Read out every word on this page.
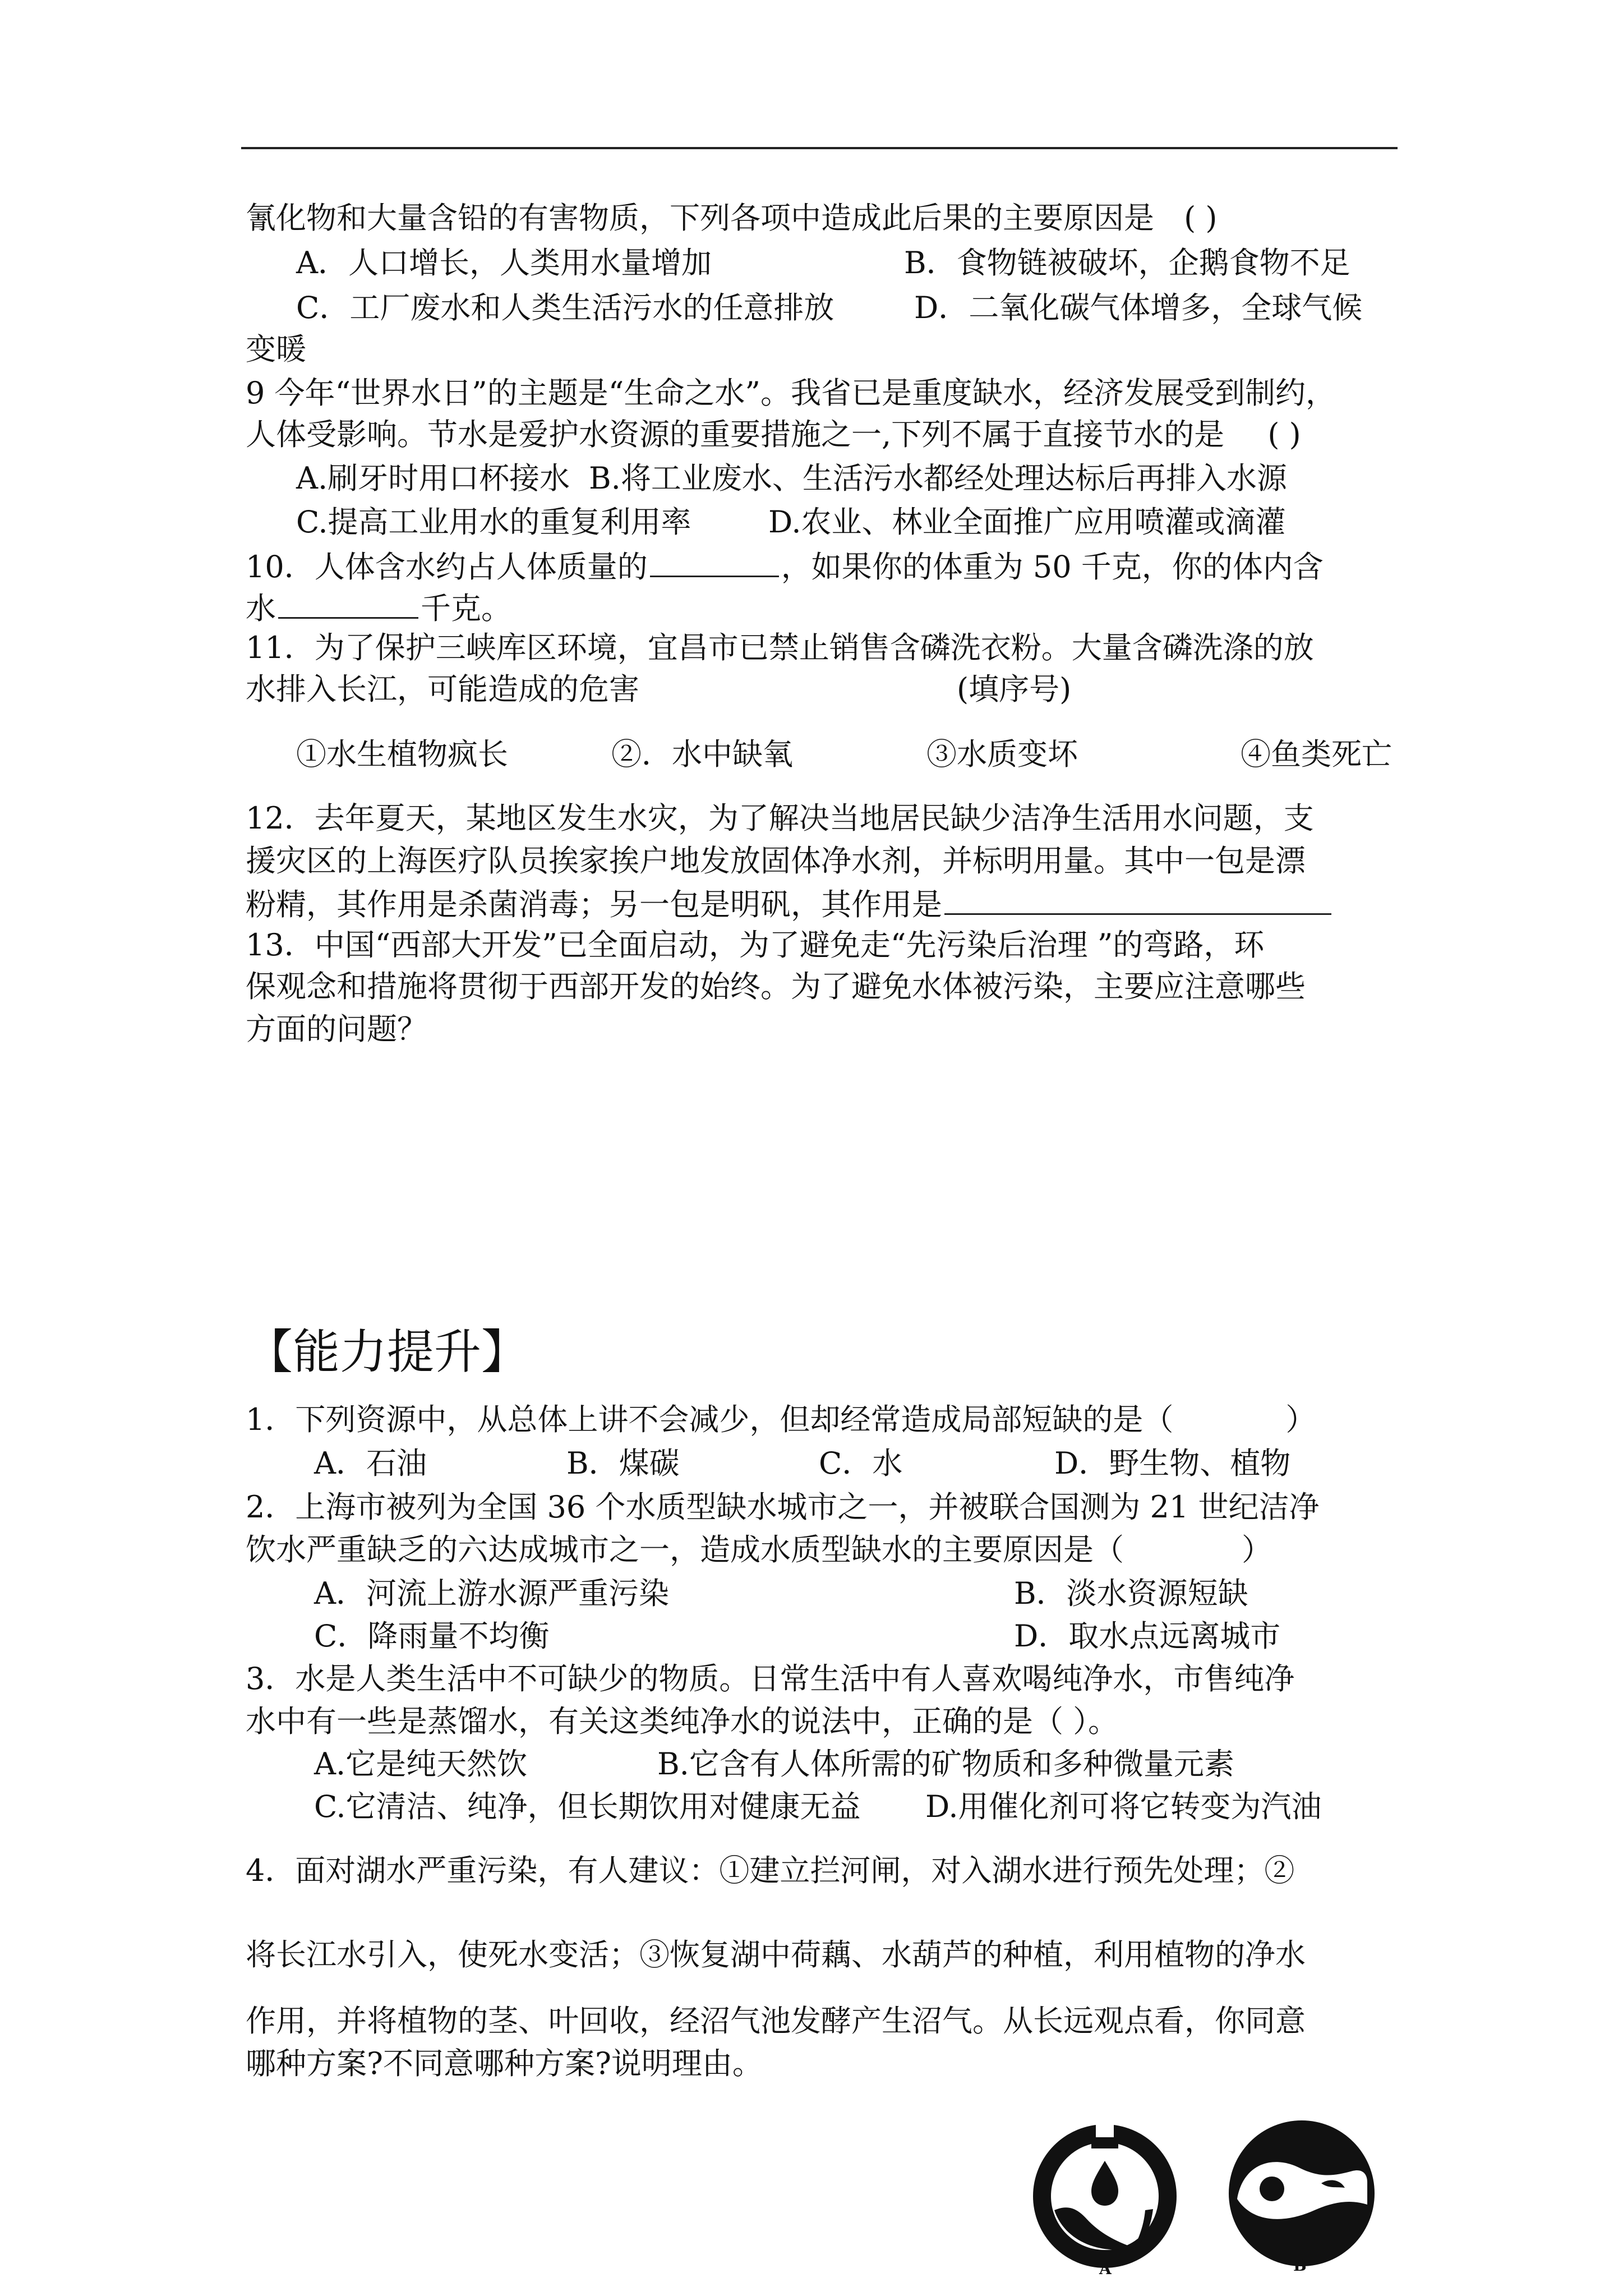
氰化物和大量含铅的有害物质，下列各项中造成此后果的主要原因是 ( )
A．人口增长，人类用水量增加	B．食物链被破坏，企鹅食物不足
C．工厂废水和人类生活污水的任意排放	D．二氧化碳气体增多，全球气候
变暖
9 今年“世界水日”的主题是“生命之水”。我省已是重度缺水，经济发展受到制约，
人体受影响。节水是爱护水资源的重要措施之一,下列不属于直接节水的是 ( )
A.刷牙时用口杯接水 B.将工业废水、生活污水都经处理达标后再排入水源
C.提高工业用水的重复利用率	D.农业、林业全面推广应用喷灌或滴灌
10．人体含水约占人体质量的	，如果你的体重为 50 千克，你的体内含
水	千克。
11．为了保护三峡库区环境，宜昌市已禁止销售含磷洗衣粉。大量含磷洗涤的放
水排入长江，可能造成的危害	(填序号)
①水生植物疯长	②．水中缺氧	③水质变坏	④鱼类死亡
12．去年夏天，某地区发生水灾，为了解决当地居民缺少洁净生活用水问题，支
援灾区的上海医疗队员挨家挨户地发放固体净水剂，并标明用量。其中一包是漂
粉精，其作用是杀菌消毒；另一包是明矾，其作用是
13．中国“西部大开发”已全面启动，为了避免走“先污染后治理 ”的弯路，环
保观念和措施将贯彻于西部开发的始终。为了避免水体被污染，主要应注意哪些
方面的问题？
【能力提升】
1．下列资源中，从总体上讲不会减少，但却经常造成局部短缺的是（	）
A．石油	B．煤碳	C．水	D．野生物、植物
2．上海市被列为全国 36 个水质型缺水城市之一，并被联合国测为 21 世纪洁净
饮水严重缺乏的六达成城市之一，造成水质型缺水的主要原因是（	）
A．河流上游水源严重污染	B．淡水资源短缺
C．降雨量不均衡	D．取水点远离城市
3．水是人类生活中不可缺少的物质。日常生活中有人喜欢喝纯净水，市售纯净
水中有一些是蒸馏水，有关这类纯净水的说法中，正确的是（ ）。
A.它是纯天然饮	B.它含有人体所需的矿物质和多种微量元素
C.它清洁、纯净，但长期饮用对健康无益 D.用催化剂可将它转变为汽油
4．面对湖水严重污染，有人建议：①建立拦河闸，对入湖水进行预先处理；②
将长江水引入，使死水变活；③恢复湖中荷藕、水葫芦的种植，利用植物的净水
作用，并将植物的茎、叶回收，经沼气池发酵产生沼气。从长远观点看，你同意
哪种方案?不同意哪种方案?说明理由。
A	B
